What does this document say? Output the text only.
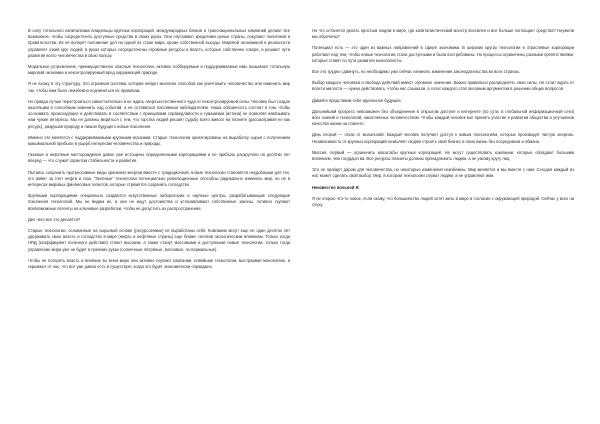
В силу тотального капитализма владельцы крупных корпораций, международных банков и транснациональных компаний делают все возможное, чтобы сосредоточить доступные средства в своих руках. Они опутывают кредитами целые страны, покупают политиков и правительства. Их не волнует положение дел ни одной из стран мира, кроме собственной выгоды. Мировой экономикой в реальности управляет узкий круг людей, в руках которых сосредоточены огромные ресурсы и власть, которые собственно говоря, и решают пути развития всего человечества в свою пользу.

Моральное устремление, преимущественно опасные технологии, активно лоббируемые и поддерживаемые ими, вызывают тотальную мировой экономии и неконтролируемый вред окружающей природе.

Я не вхожу в эту структуру. Это огромная система, которая нейдет миллион способов как уничтожить человечество или изменить мир так, чтобы нам было неизбежно подчиниться их правилам.

Но правда лучше перестроиться самостоятельно и не ждать сверхъестественного чуда от неконтролируемой силы. Человек был создан мыслящим и способным изменить ход событий, а не оставаться пассивным наблюдателем. Наша обязанность состоит в том, чтобы осознавать происходящее и действовать в соответствии с принципами справедливости и гуманизма (истина) не позволяя навязывать нам чужие интересы. Мы не должны мириться с тем, что горстка людей решает судьбу всего живого на планете (рассматривая ее как ресурс), разрушая природу и лишая будущего новые поколения.

Именно это меняется с поддерживаемыми крупными игроками. Старые технологии ориентированы на выработку сырья с получением максимальной прибыли в ущерб интересам человечества и природы.

Газовые и нефтяные месторождения давно уже истощены определенными корпорациями и не прибыль раскрутили на десятки лет вперед — что служит гарантом стабильности и развития.

Пытаясь сохранить прогрессивные виды хранения энергии вместе с традиционной, новые технологии становятся неудобными для тех, кто живет за счет нефти и газа. "Зеленые" технологии потенциально революционные способны радикально изменить мир, но не в интересах мировых финансовых гигантов, которые стремятся сохранить господство.

Крупными корпорациями специально создаются искусственные лаборатории и научные центры, разрабатывающие следующие поколения технологий. Мы не видим их, а они не ищут достоинства и устанавливают собственные законы. Активно скупают всевозможные патенты на ключевые разработки, чтобы не допустить их распространения.

Дел чего все это делается?

Старые технологии, основанные на сырьевой основе (ресурсоемкие) не выработаны себя. Компании могут еще не один десяток лет удерживать свою власть и господство в мире (нефть и нефтяные страны) еще ближе: негатив экологическим влиянием. Только когда НПД (коэффициент полезного действия) станет высоким, а также станут массовыми и доступными новые технологии, только тогда управление мира уже не будет в прежних руках (солнечные, ветряные, волновые, геотермальные).

Чтобы не потерять власть и влияние во всем мире они активно скупают компании, новейшие технологии, выстраивая монополию, и скрывают от нас, что все уже давно есть и существует, когда это будет экономически оправдано.

Но что останется делать простым людям в мире, где капиталистический монстр всесилен и все больше поглощает средства? Неужели мы обречены?

Потенциал есть — это один из важных направлений в сфере экономики. В широких кругах технологии и отраслевые корпорации работают над тем, чтобы новые технологии стали доступными и были востребованы. Но процессы ограничены разными препятствиями, которые ставят по пути развития монополисты.

Все это трудно сдвинуть, но необходимо уже сейчас начинать изменения законодательства во всех странах.

Выбор каждого человека и свобода действий имеют огромное значение. Важно правильно распределять свои силы. Не стоит ждать от власти милости — нужно действовать, чтобы нас слышали, а голос каждого стал весомым аргументом в решении общих вопросов.

Давайте представим себе идеальное будущее.

Дальнейший прогресс невозможен без объединения в открытом доступе и интернете (по сути, в глобальной информационной сети) всех знаний и технологий, накопленных человечеством. Чтобы каждый человек мог принять участие в развитии общества и улучшении качества жизни на планете.

День второй — отказ от монополий. Каждый человек получает доступ к новым технологиям, которые производят чистую энергию. Независимость от крупных корпораций позволяет людям строить свой бизнес и свою жизнь без посредников и обмана.

Миссия, первый — ограничить масштабы крупных корпораций. Не могут существовать компании, которые обладают большим влиянием, чем государства. Все ресурсы планеты должны принадлежать людям, а не узкому кругу лиц.

Это не пройдет даром для человечества, но некоторые изменения неизбежны. Мир меняется и мы вместе с ним. Сегодня каждый из нас может сделать свой выбор. Мир, в котором технологии служат людям, а не управляют ими.

Неизвестно вольной Я.

Я не открою что-то новое, если скажу, что большинство людей хотят жить в мире и согласии с окружающей природой. Сейчас у всех на слуху.
